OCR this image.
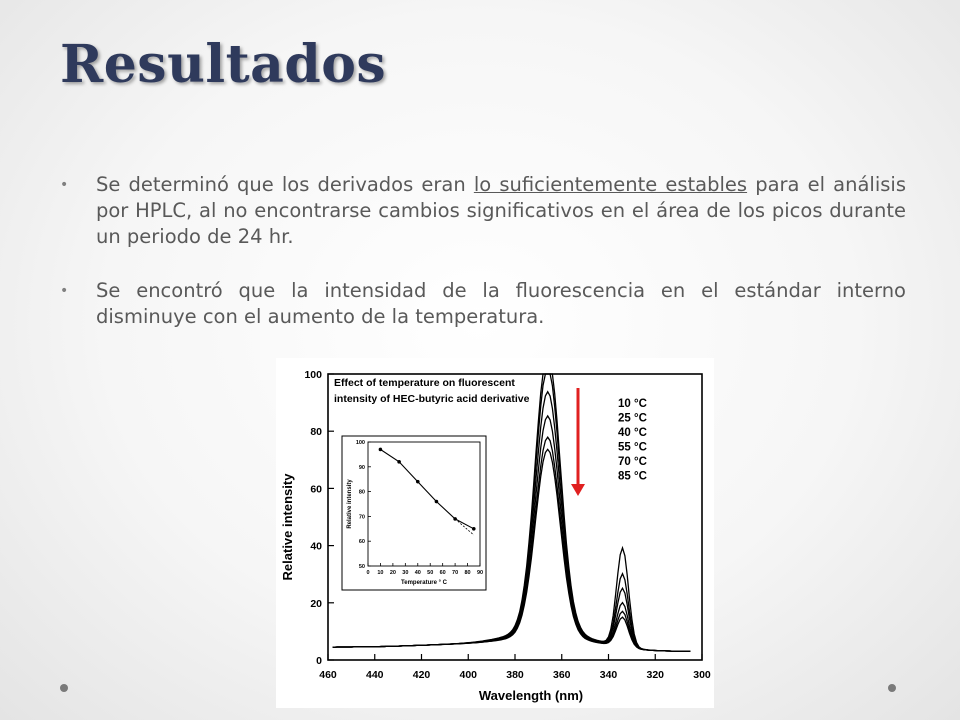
Resultados
• Se determinó que los derivados eran lo suficientemente estables para el análisis por HPLC, al no encontrarse cambios significativos en el área de los picos durante un periodo de 24 hr.
• Se encontró que la intensidad de la fluorescencia en el estándar interno disminuye con el aumento de la temperatura.
460	440	420	400	380	360	340	320	300
0
20
40
60
80
100
Wavelength (nm)
Relative intensity
Effect of temperature on fluorescent
intensity of HEC-butyric acid derivative
0 10 20 30 40 50 60 70 80 90
50
60
70
80
90
100
Temperature ° C
Relative intensity
10 °C
25 °C
40 °C
55 °C
70 °C
85 °C
